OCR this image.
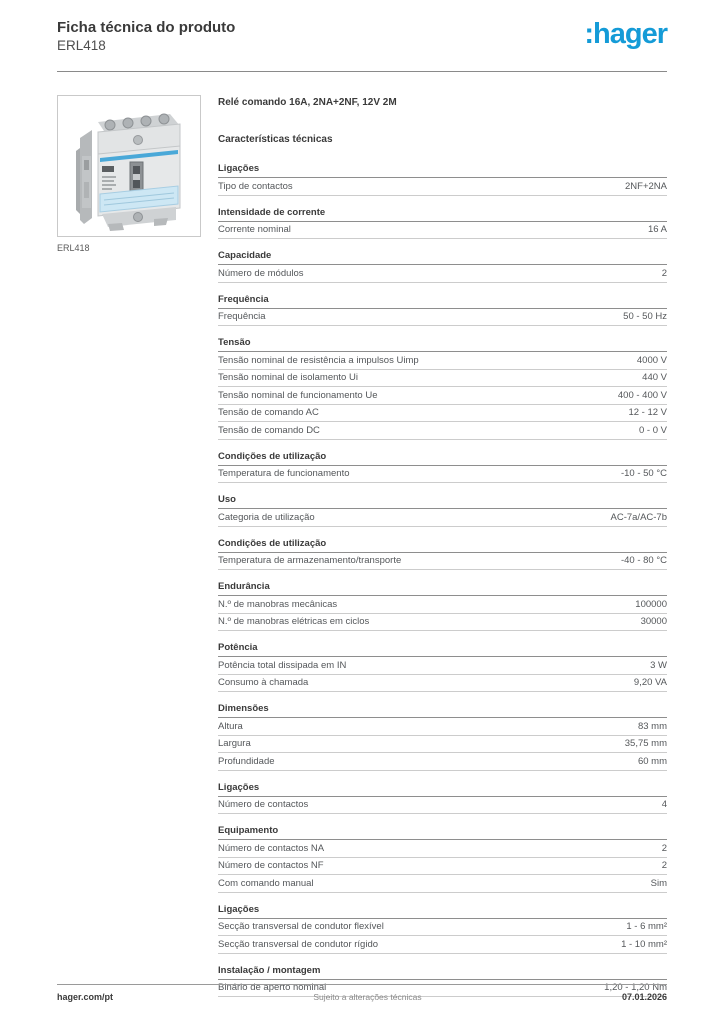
Ficha técnica do produto
ERL418	:hager
ERL418
Relé comando 16A, 2NA+2NF, 12V 2M
Características técnicas
Ligações
Tipo de contactos	2NF+2NA
Intensidade de corrente
Corrente nominal	16 A
Capacidade
Número de módulos	2
Frequência
Frequência	50 - 50 Hz
Tensão
Tensão nominal de resistência a impulsos Uimp	4000 V
Tensão nominal de isolamento Ui	440 V
Tensão nominal de funcionamento Ue	400 - 400 V
Tensão de comando AC	12 - 12 V
Tensão de comando DC	0 - 0 V
Condições de utilização
Temperatura de funcionamento	-10 - 50 °C
Uso
Categoria de utilização	AC-7a/AC-7b
Condições de utilização
Temperatura de armazenamento/transporte	-40 - 80 °C
Endurância
N.º de manobras mecânicas	100000
N.º de manobras elétricas em ciclos	30000
Potência
Potência total dissipada em IN	3 W
Consumo à chamada	9,20 VA
Dimensões
Altura	83 mm
Largura	35,75 mm
Profundidade	60 mm
Ligações
Número de contactos	4
Equipamento
Número de contactos NA	2
Número de contactos NF	2
Com comando manual	Sim
Ligações
Secção transversal de condutor flexível	1 - 6 mm²
Secção transversal de condutor rígido	1 - 10 mm²
Instalação / montagem
Binário de aperto nominal	1,20 - 1,20 Nm
hager.com/pt	Sujeito a alterações técnicas	07.01.2026
